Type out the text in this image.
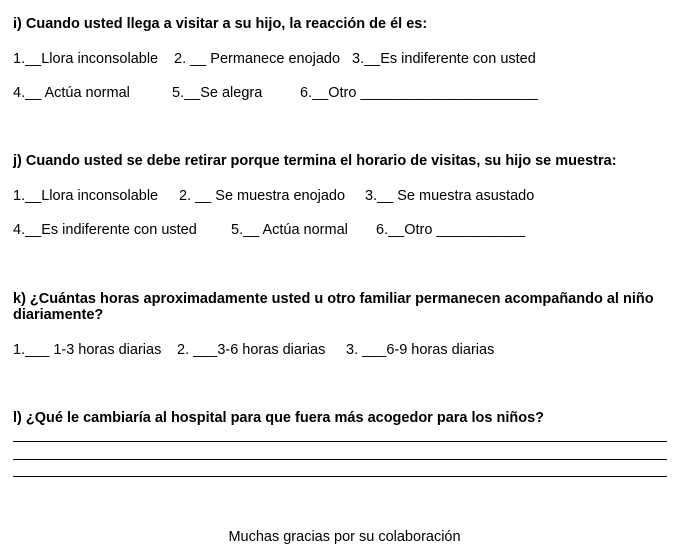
i) Cuando usted llega a visitar a su hijo, la reacción de él es:

1.__Llora inconsolable 2. __ Permanece enojado 3.__Es indiferente con usted
4.__ Actúa normal	5.__Se alegra	6.__Otro ______________________

j) Cuando usted se debe retirar porque termina el horario de visitas, su hijo se muestra:

1.__Llora inconsolable 2. __ Se muestra enojado 3.__ Se muestra asustado
4.__Es indiferente con usted 5.__ Actúa normal 6.__Otro ___________

k) ¿Cuántas horas aproximadamente usted u otro familiar permanecen acompañando al niño

diariamente?

1.___ 1-3 horas diarias 2. ___3-6 horas diarias 3. ___6-9 horas diarias

l) ¿Qué le cambiaría al hospital para que fuera más acogedor para los niños?

Muchas gracias por su colaboración
